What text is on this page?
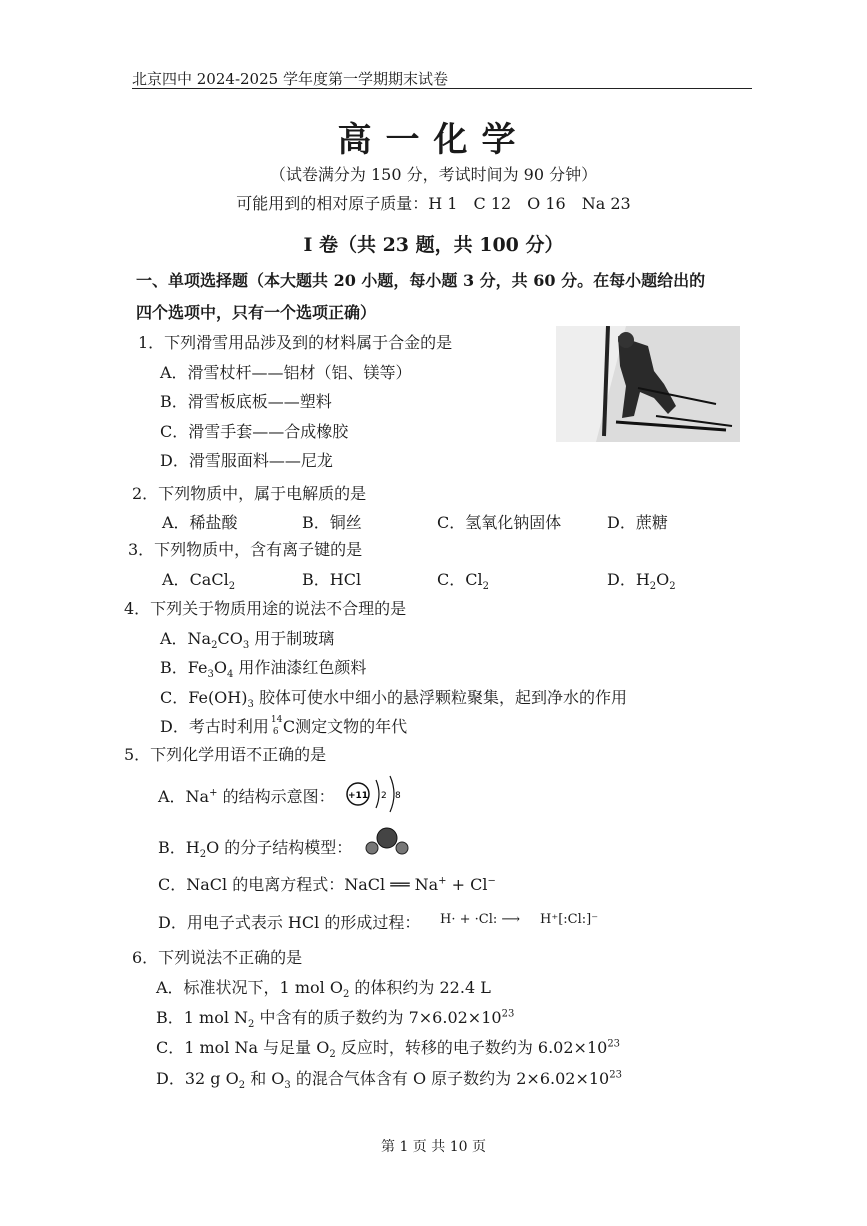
北京四中 2024-2025 学年度第一学期期末试卷
高一化学
（试卷满分为 150 分，考试时间为 90 分钟）
可能用到的相对原子质量：H 1　C 12　O 16　Na 23
I 卷（共 23 题，共 100 分）
一、单项选择题（本大题共 20 小题，每小题 3 分，共 60 分。在每小题给出的
四个选项中，只有一个选项正确）
1．下列滑雪用品涉及到的材料属于合金的是
A．滑雪杖杆——铝材（铝、镁等）
B．滑雪板底板——塑料
C．滑雪手套——合成橡胶
D．滑雪服面料——尼龙
2．下列物质中，属于电解质的是
A．稀盐酸	B．铜丝	C．氢氧化钠固体	D．蔗糖
3．下列物质中，含有离子键的是
A．CaCl$_2$	B．HCl	C．$Cl_2$	D．$H_2O_2$
4．下列关于物质用途的说法不合理的是
A．$Na_2CO_3$ 用于制玻璃
B．$Fe_3O_4$ 用作油漆红色颜料
C．$Fe(OH)_3$ 胶体可使水中细小的悬浮颗粒聚集，起到净水的作用
D．考古时利用 14
6 C测定文物的年代
5．下列化学用语不正确的是
A．Na+ 的结构示意图： +11 2 8
B．$H_2O$ 的分子结构模型：
C．NaCl 的电离方程式：NaCl ══ Na+ + Cl−
D．用电子式表示 HCl 的形成过程： H· + ·Cl: ⟶ H⁺[:Cl:]⁻
6．下列说法不正确的是
A．标准状况下，1 mol $O_2$ 的体积约为 22.4 L
B．1 mol $N_2$ 中含有的质子数约为 $7\times 6.02\times 10^{23}$
C．1 mol Na 与足量 $O_2$ 反应时，转移的电子数约为 $6.02\times 10^{23}$
D．32 g $O_2$ 和 $O_3$ 的混合气体含有 O 原子数约为 $2\times 6.02\times 10^{23}$
第 1 页 共 10 页
